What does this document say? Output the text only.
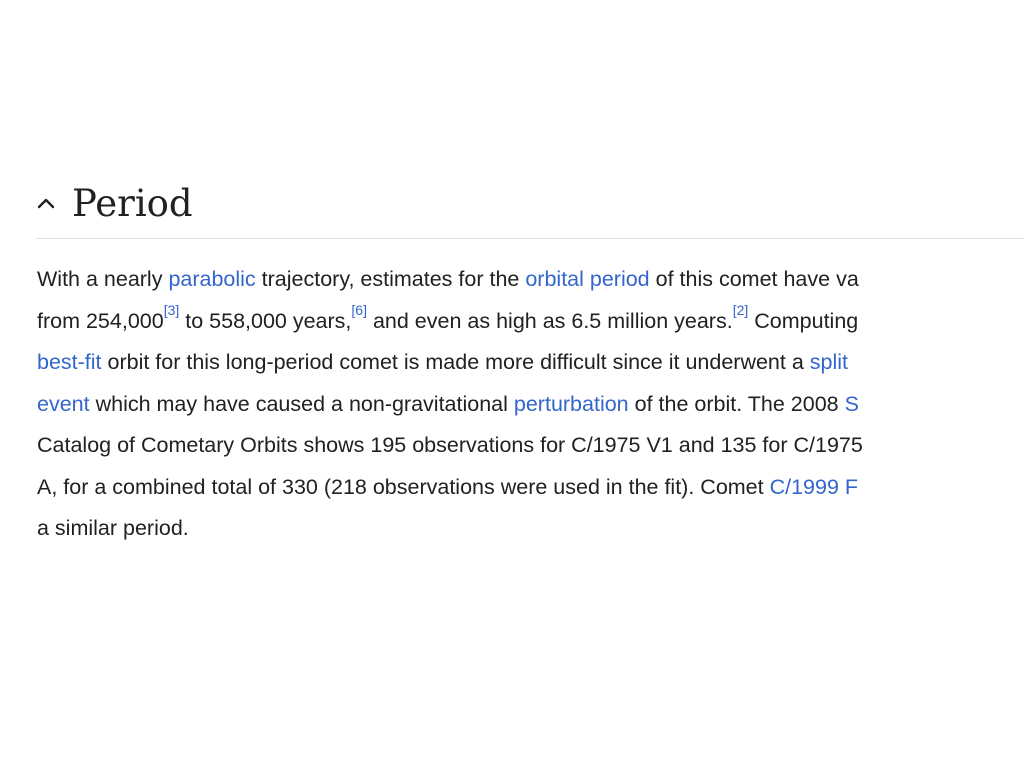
Period

With a nearly parabolic trajectory, estimates for the orbital period of this comet have va
from 254,000[3] to 558,000 years,[6] and even as high as 6.5 million years.[2] Computing
best-fit orbit for this long-period comet is made more difficult since it underwent a split
event which may have caused a non-gravitational perturbation of the orbit. The 2008 S
Catalog of Cometary Orbits shows 195 observations for C/1975 V1 and 135 for C/1975
A, for a combined total of 330 (218 observations were used in the fit). Comet C/1999 F
a similar period.
